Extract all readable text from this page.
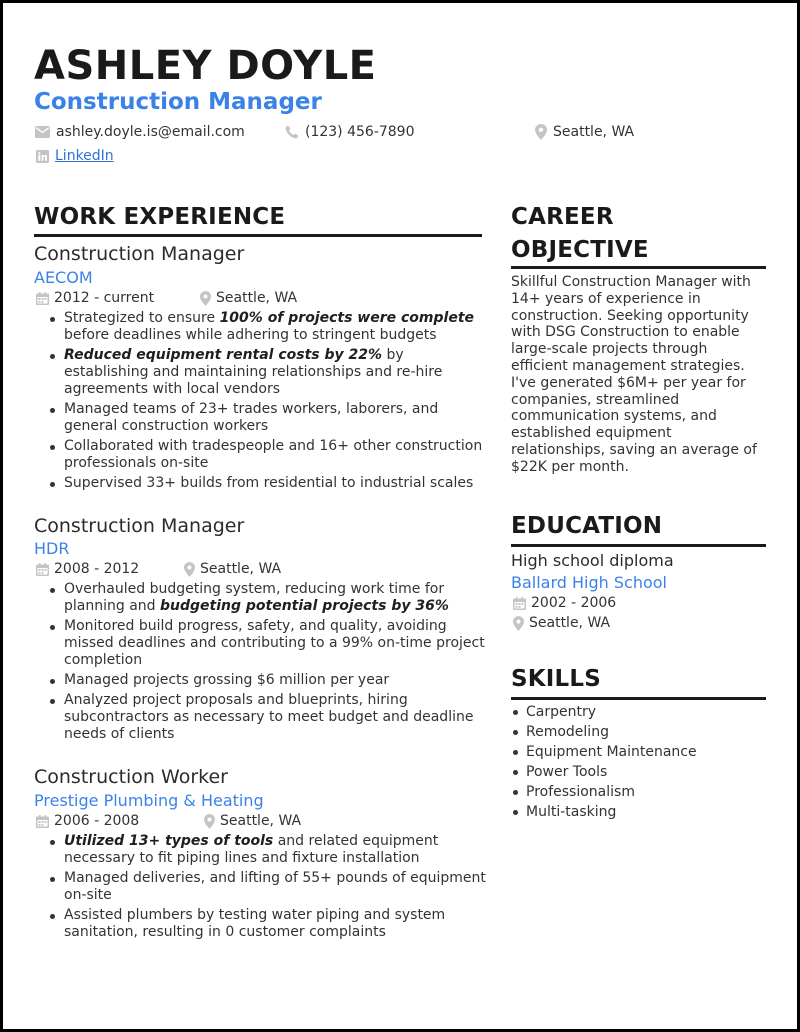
ASHLEY DOYLE
Construction Manager
ashley.doyle.is@email.com	(123) 456-7890	Seattle, WA
LinkedIn
WORK EXPERIENCE
Construction Manager
AECOM
2012 - current	Seattle, WA
Strategized to ensure 100% of projects were complete before deadlines while adhering to stringent budgets
Reduced equipment rental costs by 22% by establishing and maintaining relationships and re-hire agreements with local vendors
Managed teams of 23+ trades workers, laborers, and general construction workers
Collaborated with tradespeople and 16+ other construction professionals on-site
Supervised 33+ builds from residential to industrial scales
Construction Manager
HDR
2008 - 2012	Seattle, WA
Overhauled budgeting system, reducing work time for planning and budgeting potential projects by 36%
Monitored build progress, safety, and quality, avoiding missed deadlines and contributing to a 99% on-time project completion
Managed projects grossing $6 million per year
Analyzed project proposals and blueprints, hiring subcontractors as necessary to meet budget and deadline needs of clients
Construction Worker
Prestige Plumbing & Heating
2006 - 2008	Seattle, WA
Utilized 13+ types of tools and related equipment necessary to fit piping lines and fixture installation
Managed deliveries, and lifting of 55+ pounds of equipment on-site
Assisted plumbers by testing water piping and system sanitation, resulting in 0 customer complaints
CAREER
OBJECTIVE
Skillful Construction Manager with 14+ years of experience in construction. Seeking opportunity with DSG Construction to enable large-scale projects through efficient management strategies. I've generated $6M+ per year for companies, streamlined communication systems, and established equipment relationships, saving an average of $22K per month.
EDUCATION
High school diploma
Ballard High School
2002 - 2006
Seattle, WA
SKILLS
Carpentry
Remodeling
Equipment Maintenance
Power Tools
Professionalism
Multi-tasking
